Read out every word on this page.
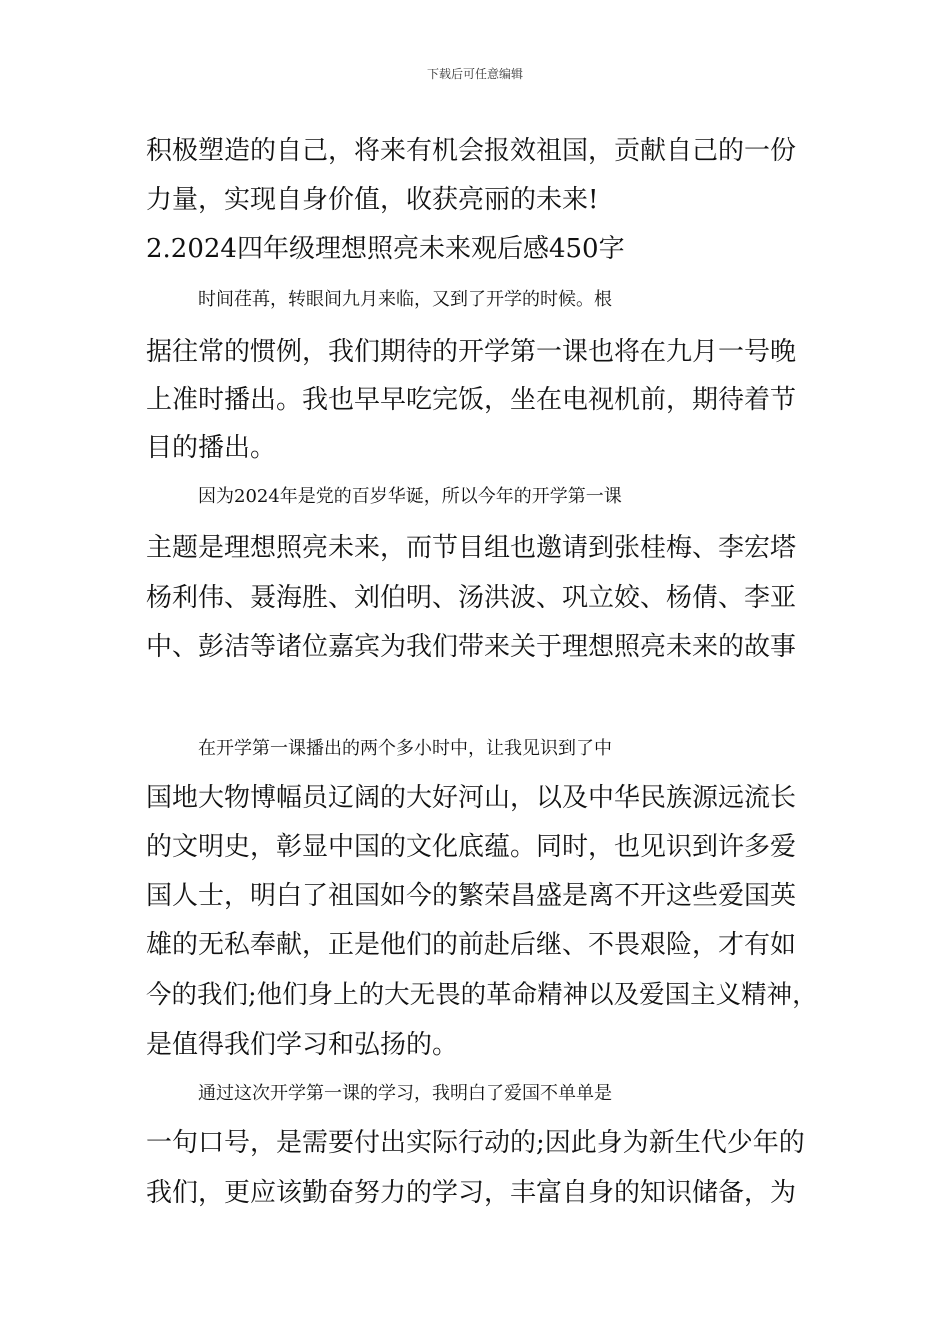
下载后可任意编辑
积极塑造的自己，将来有机会报效祖国，贡献自己的一份
力量，实现自身价值，收获亮丽的未来!
2.2024四年级理想照亮未来观后感450字
时间荏苒，转眼间九月来临，又到了开学的时候。根
据往常的惯例，我们期待的开学第一课也将在九月一号晚
上准时播出。我也早早吃完饭，坐在电视机前，期待着节
目的播出。
因为2024年是党的百岁华诞，所以今年的开学第一课
主题是理想照亮未来，而节目组也邀请到张桂梅、李宏塔
杨利伟、聂海胜、刘伯明、汤洪波、巩立姣、杨倩、李亚
中、彭洁等诸位嘉宾为我们带来关于理想照亮未来的故事
在开学第一课播出的两个多小时中，让我见识到了中
国地大物博幅员辽阔的大好河山，以及中华民族源远流长
的文明史，彰显中国的文化底蕴。同时，也见识到许多爱
国人士，明白了祖国如今的繁荣昌盛是离不开这些爱国英
雄的无私奉献，正是他们的前赴后继、不畏艰险，才有如
今的我们;他们身上的大无畏的革命精神以及爱国主义精神，
是值得我们学习和弘扬的。
通过这次开学第一课的学习，我明白了爱国不单单是
一句口号，是需要付出实际行动的;因此身为新生代少年的
我们，更应该勤奋努力的学习，丰富自身的知识储备，为
